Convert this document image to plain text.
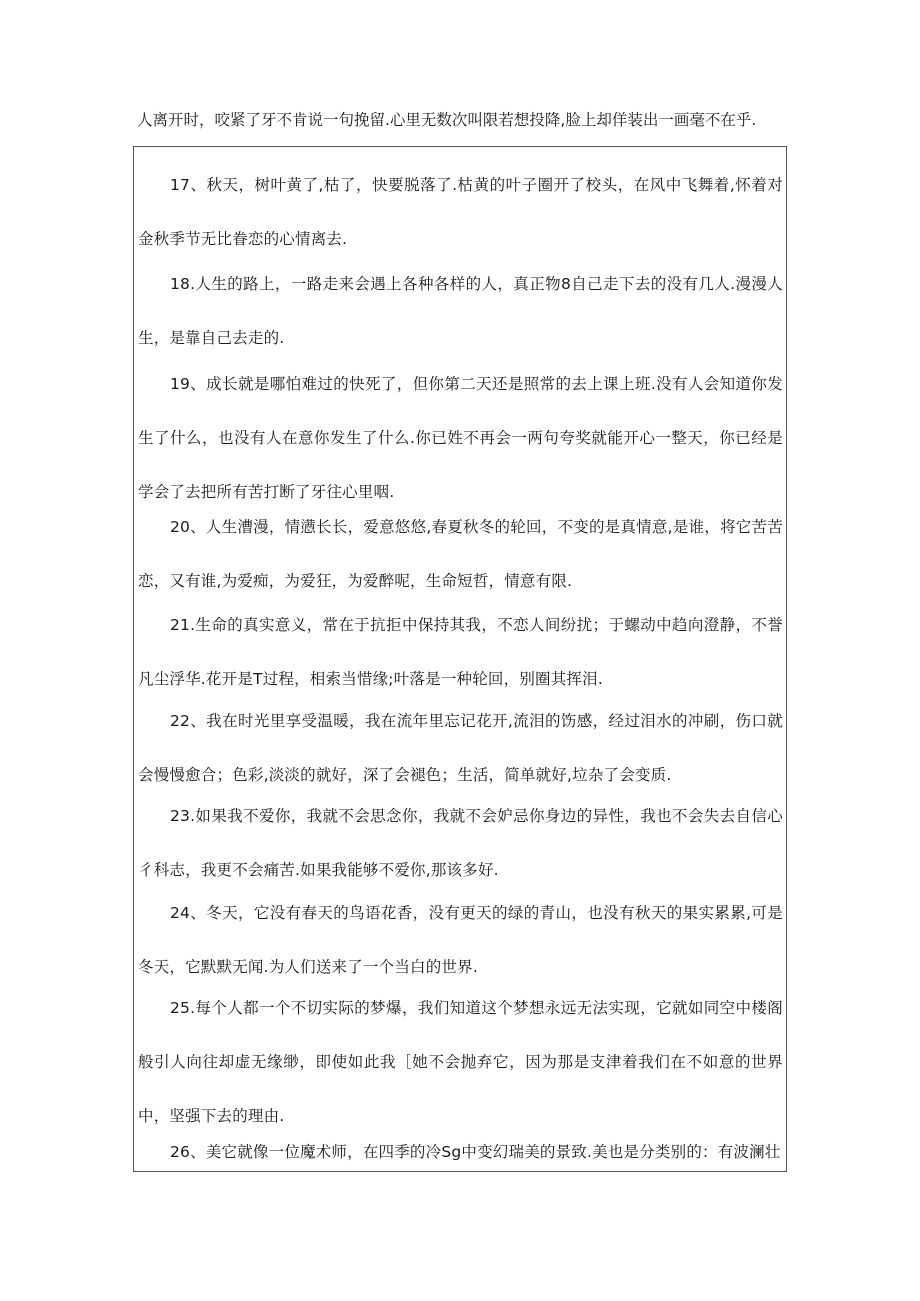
人离开时，咬紧了牙不肯说一句挽留.心里无数次叫限若想投降,脸上却佯装出一画毫不在乎.

17、秋天，树叶黄了,枯了，快要脱落了.枯黄的叶子圈开了校头，在风中飞舞着,怀着对金秋季节无比眷恋的心情离去.

18.人生的路上，一路走来会遇上各种各样的人，真正物8自己走下去的没有几人.漫漫人生，是靠自己去走的.

19、成长就是哪怕难过的快死了，但你第二天还是照常的去上课上班.没有人会知道你发生了什么，也没有人在意你发生了什么.你已姓不再会一两句夸奖就能开心一整天，你已经是学会了去把所有苦打断了牙往心里咽.

20、人生漕漫，情懑长长，爱意悠悠,春夏秋冬的轮回，不变的是真情意,是谁，将它苦苦恋，又有谁,为爱痴，为爱狂，为爱醉呢，生命短哲，情意有限.

21.生命的真实意义，常在于抗拒中保持其我，不恋人间纷扰；于螺动中趋向澄静，不誉凡尘浮华.花开是T过程，相索当惜缘;叶落是一种轮回，别圈其挥泪.

22、我在时光里享受温暖，我在流年里忘记花开,流泪的饬感，经过泪水的冲刷，伤口就会慢慢愈合；色彩,淡淡的就好，深了会褪色；生活，简单就好,垃杂了会变质.

23.如果我不爱你，我就不会思念你，我就不会妒忌你身边的异性，我也不会失去自信心彳科志，我更不会痛苦.如果我能够不爱你,那该多好.

24、冬天，它没有春天的鸟语花香，没有更天的绿的青山，也没有秋天的果实累累,可是冬天，它默默无闻.为人们送来了一个当白的世界.

25.每个人都一个不切实际的梦爆，我们知道这个梦想永远无法实现，它就如同空中楼阁般引人向往却虚无缘缈，即使如此我［她不会抛弃它，因为那是支津着我们在不如意的世界中，坚强下去的理由.

26、美它就像一位魔术师，在四季的冷Sg中变幻瑞美的景致.美也是分类别的：有波澜壮
